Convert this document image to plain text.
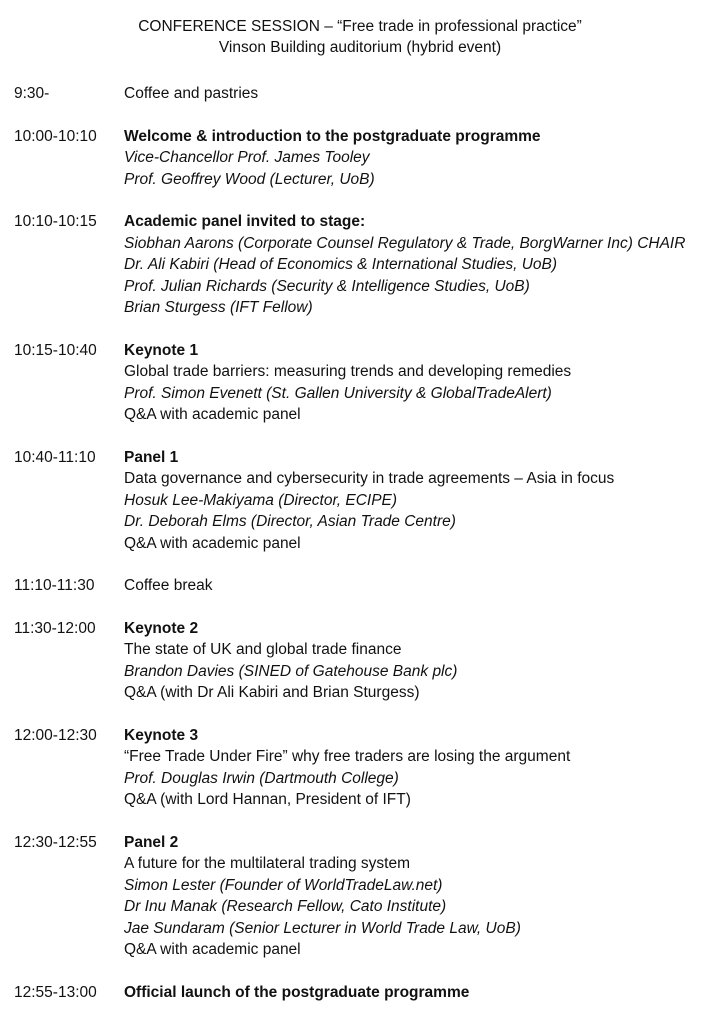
CONFERENCE SESSION – “Free trade in professional practice”
Vinson Building auditorium (hybrid event)
9:30-	Coffee and pastries
10:00-10:10	Welcome & introduction to the postgraduate programme
Vice-Chancellor Prof. James Tooley
Prof. Geoffrey Wood (Lecturer, UoB)
10:10-10:15	Academic panel invited to stage:
Siobhan Aarons (Corporate Counsel Regulatory & Trade, BorgWarner Inc) CHAIR
Dr. Ali Kabiri (Head of Economics & International Studies, UoB)
Prof. Julian Richards (Security & Intelligence Studies, UoB)
Brian Sturgess (IFT Fellow)
10:15-10:40	Keynote 1
Global trade barriers: measuring trends and developing remedies
Prof. Simon Evenett (St. Gallen University & GlobalTradeAlert)
Q&A with academic panel
10:40-11:10	Panel 1
Data governance and cybersecurity in trade agreements – Asia in focus
Hosuk Lee-Makiyama (Director, ECIPE)
Dr. Deborah Elms (Director, Asian Trade Centre)
Q&A with academic panel
11:10-11:30	Coffee break
11:30-12:00	Keynote 2
The state of UK and global trade finance
Brandon Davies (SINED of Gatehouse Bank plc)
Q&A (with Dr Ali Kabiri and Brian Sturgess)
12:00-12:30	Keynote 3
“Free Trade Under Fire” why free traders are losing the argument
Prof. Douglas Irwin (Dartmouth College)
Q&A (with Lord Hannan, President of IFT)
12:30-12:55	Panel 2
A future for the multilateral trading system
Simon Lester (Founder of WorldTradeLaw.net)
Dr Inu Manak (Research Fellow, Cato Institute)
Jae Sundaram (Senior Lecturer in World Trade Law, UoB)
Q&A with academic panel
12:55-13:00	Official launch of the postgraduate programme
